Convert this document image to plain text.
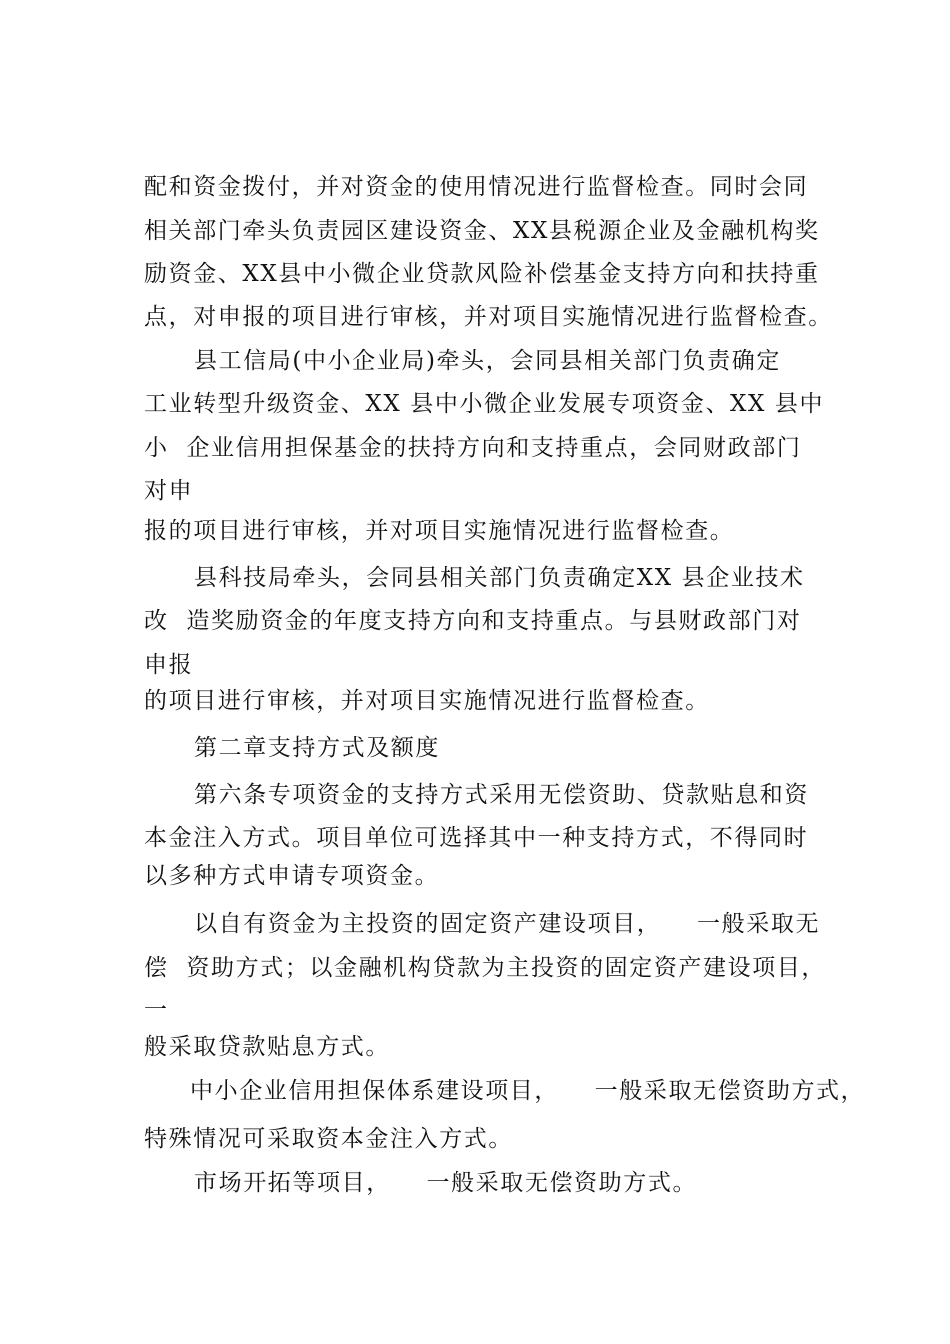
配和资金拨付，并对资金的使用情况进行监督检查。同时会同
相关部门牵头负责园区建设资金、XX县税源企业及金融机构奖
励资金、XX县中小微企业贷款风险补偿基金支持方向和扶持重
点，对申报的项目进行审核，并对项目实施情况进行监督检查。
县工信局(中小企业局)牵头，会同县相关部门负责确定
工业转型升级资金、XX 县中小微企业发展专项资金、XX 县中
小  企业信用担保基金的扶持方向和支持重点，会同财政部门
对申
报的项目进行审核，并对项目实施情况进行监督检查。
县科技局牵头，会同县相关部门负责确定XX 县企业技术
改  造奖励资金的年度支持方向和支持重点。与县财政部门对
申报
的项目进行审核，并对项目实施情况进行监督检查。
第二章支持方式及额度
第六条专项资金的支持方式采用无偿资助、贷款贴息和资
本金注入方式。项目单位可选择其中一种支持方式，不得同时
以多种方式申请专项资金。
以自有资金为主投资的固定资产建设项目，    一般采取无
偿  资助方式；以金融机构贷款为主投资的固定资产建设项目，
一
般采取贷款贴息方式。
中小企业信用担保体系建设项目，    一般采取无偿资助方式，
特殊情况可采取资本金注入方式。
市场开拓等项目，    一般采取无偿资助方式。
